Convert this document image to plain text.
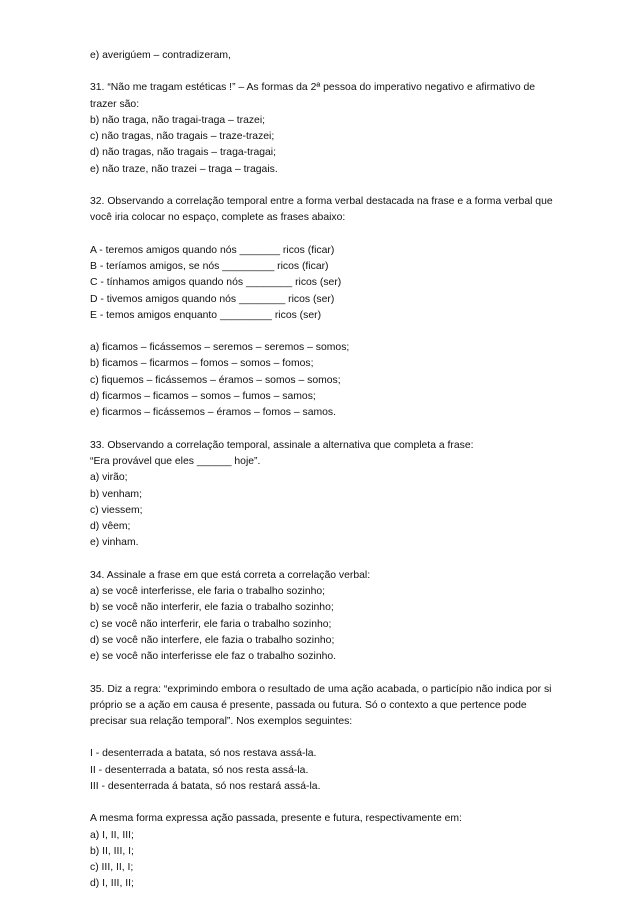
e) averigúem – contradizeram,
31. “Não me tragam estéticas !” – As formas da 2ª pessoa do imperativo negativo e afirmativo de trazer são:
b) não traga, não tragai-traga – trazei;
c) não tragas, não tragais – traze-trazei;
d) não tragas, não tragais – traga-tragai;
e) não traze, não trazei – traga – tragais.
32. Observando a correlação temporal entre a forma verbal destacada na frase e a forma verbal que você iria colocar no espaço, complete as frases abaixo:
A - teremos amigos quando nós _______ ricos (ficar)
B - teríamos amigos, se nós _________ ricos (ficar)
C - tínhamos amigos quando nós ________ ricos (ser)
D - tivemos amigos quando nós ________ ricos (ser)
E - temos amigos enquanto _________ ricos (ser)
a) ficamos – ficássemos – seremos – seremos – somos;
b) ficamos – ficarmos – fomos – somos – fomos;
c) fiquemos – ficássemos – éramos – somos – somos;
d) ficarmos – ficamos – somos – fumos – samos;
e) ficarmos – ficássemos – éramos – fomos – samos.
33. Observando a correlação temporal, assinale a alternativa que completa a frase:
“Era provável que eles ______ hoje”.
a) virão;
b) venham;
c) viessem;
d) vêem;
e) vinham.
34. Assinale a frase em que está correta a correlação verbal:
a) se você interferisse, ele faria o trabalho sozinho;
b) se você não interferir, ele fazia o trabalho sozinho;
c) se você não interferir, ele faria o trabalho sozinho;
d) se você não interfere, ele fazia o trabalho sozinho;
e) se você não interferisse ele faz o trabalho sozinho.
35. Diz a regra: “exprimindo embora o resultado de uma ação acabada, o particípio não indica por si próprio se a ação em causa é presente, passada ou futura. Só o contexto a que pertence pode precisar sua relação temporal”. Nos exemplos seguintes:
I - desenterrada a batata, só nos restava assá-la.
II - desenterrada a batata, só nos resta assá-la.
III - desenterrada á batata, só nos restará assá-la.
A mesma forma expressa ação passada, presente e futura, respectivamente em:
a) I, II, III;
b) II, III, I;
c) III, II, I;
d) I, III, II;
